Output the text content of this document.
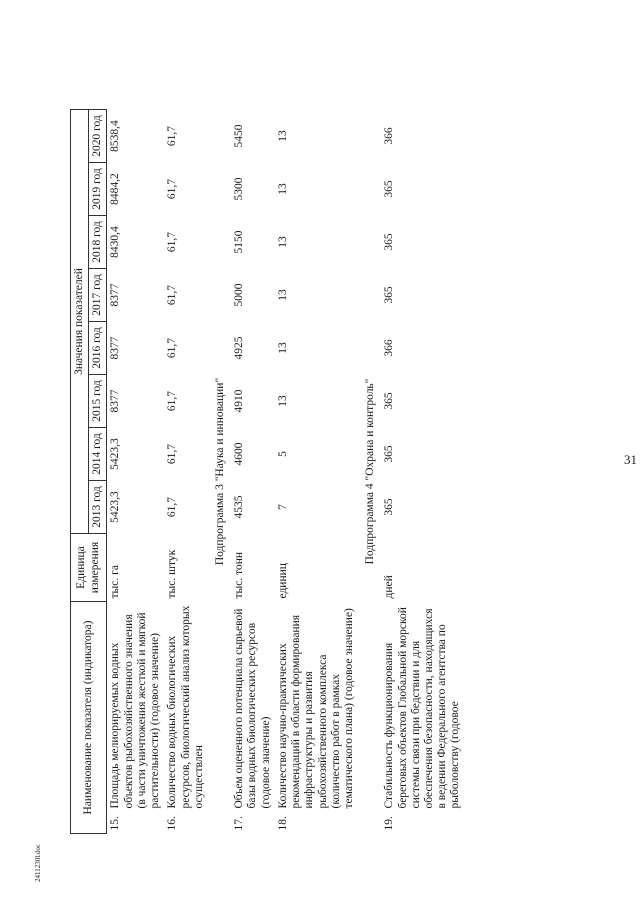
31
Наименование показателя (индикатора)		Единица измерения	Значения показателей							
			2013 год	2014 год	2015 год	2016 год	2017 год	2018 год	2019 год	2020 год
15.	Площадь мелиорируемых водных объектов рыбохозяйственного значения (в части уничтожения жесткой и мягкой растительности) (годовое значение)	тыс. га	5423,3	5423,3	8377	8377	8377	8430,4	8484,2	8538,4
16.	Количество водных биологических ресурсов, биологический анализ которых осуществлен	тыс. штук	61,7	61,7	61,7	61,7	61,7	61,7	61,7	61,7
Подпрограмма 3 "Наука и инновации"										
17.	Объем оцененного потенциала сырьевой базы водных биологических ресурсов (годовое значение)	тыс. тонн	4535	4600	4910	4925	5000	5150	5300	5450
18.	Количество научно-практических рекомендаций в области формирования инфраструктуры и развития рыбохозяйственного комплекса (количество работ в рамках тематического плана) (годовое значение)	единиц	7	5	13	13	13	13	13	13
Подпрограмма 4 "Охрана и контроль"										
19.	Стабильность функционирования береговых объектов Глобальной морской системы связи при бедствии и для обеспечения безопасности, находящихся в ведении Федерального агентства по рыболовству (годовое	дней	365	365	365	366	365	365	365	366
2411230l.doc
